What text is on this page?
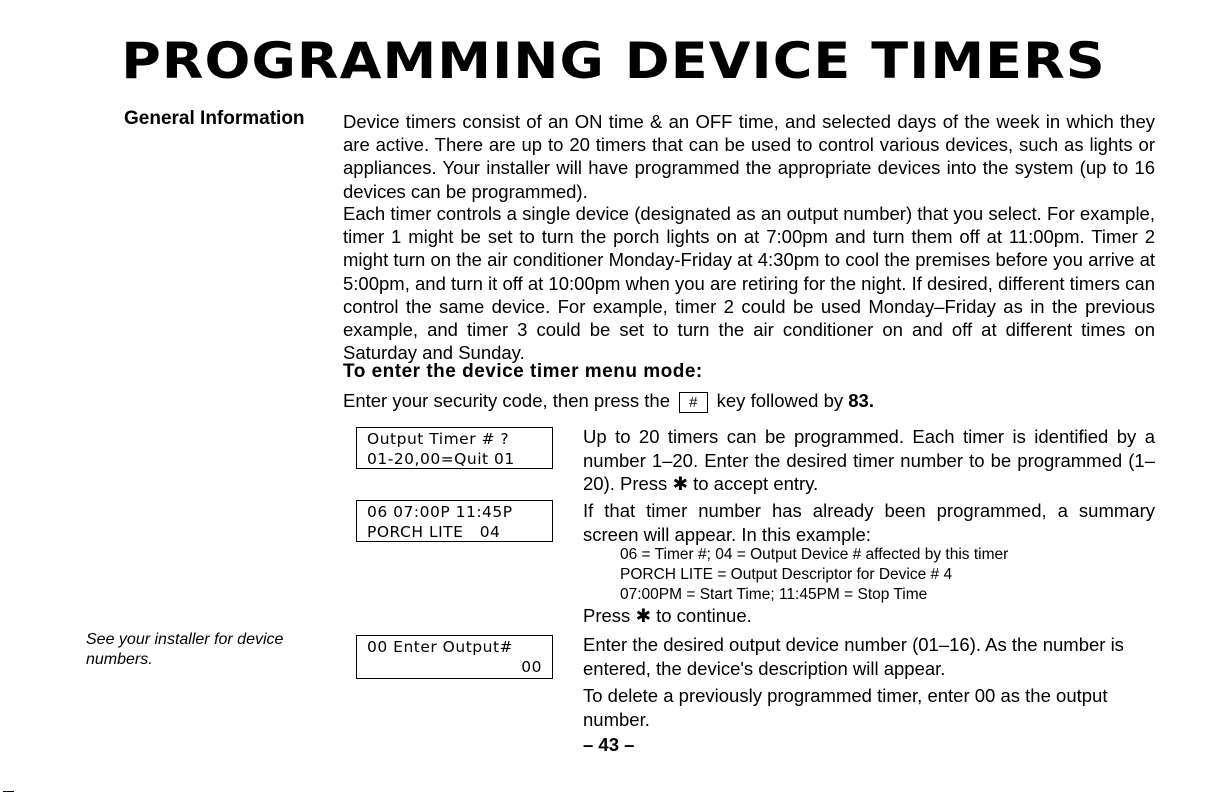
PROGRAMMING DEVICE TIMERS
General Information

See your installer for device numbers.

Device timers consist of an ON time & an OFF time, and selected days of the week in which they are active. There are up to 20 timers that can be used to control various devices, such as lights or appliances. Your installer will have programmed the appropriate devices into the system (up to 16 devices can be programmed).

Each timer controls a single device (designated as an output number) that you select. For example, timer 1 might be set to turn the porch lights on at 7:00pm and turn them off at 11:00pm. Timer 2 might turn on the air conditioner Monday-Friday at 4:30pm to cool the premises before you arrive at 5:00pm, and turn it off at 10:00pm when you are retiring for the night. If desired, different timers can control the same device. For example, timer 2 could be used Monday–Friday as in the previous example, and timer 3 could be set to turn the air conditioner on and off at different times on Saturday and Sunday.

To enter the device timer menu mode:

Enter your security code, then press the # key followed by 83.

Output Timer # ?
01-20,00=Quit 01
06 07:00P 11:45P
PORCH LITE   04
00 Enter Output#
00

Up to 20 timers can be programmed. Each timer is identified by a number 1–20. Enter the desired timer number to be programmed (1–20). Press ✱ to accept entry.

If that timer number has already been programmed, a summary screen will appear. In this example:

06 = Timer #; 04 = Output Device # affected by this timer
PORCH LITE = Output Descriptor for Device # 4
07:00PM = Start Time; 11:45PM = Stop Time
Press ✱ to continue.
Enter the desired output device number (01–16). As the number is entered, the device's description will appear.
To delete a previously programmed timer, enter 00 as the output number.

– 43 –
